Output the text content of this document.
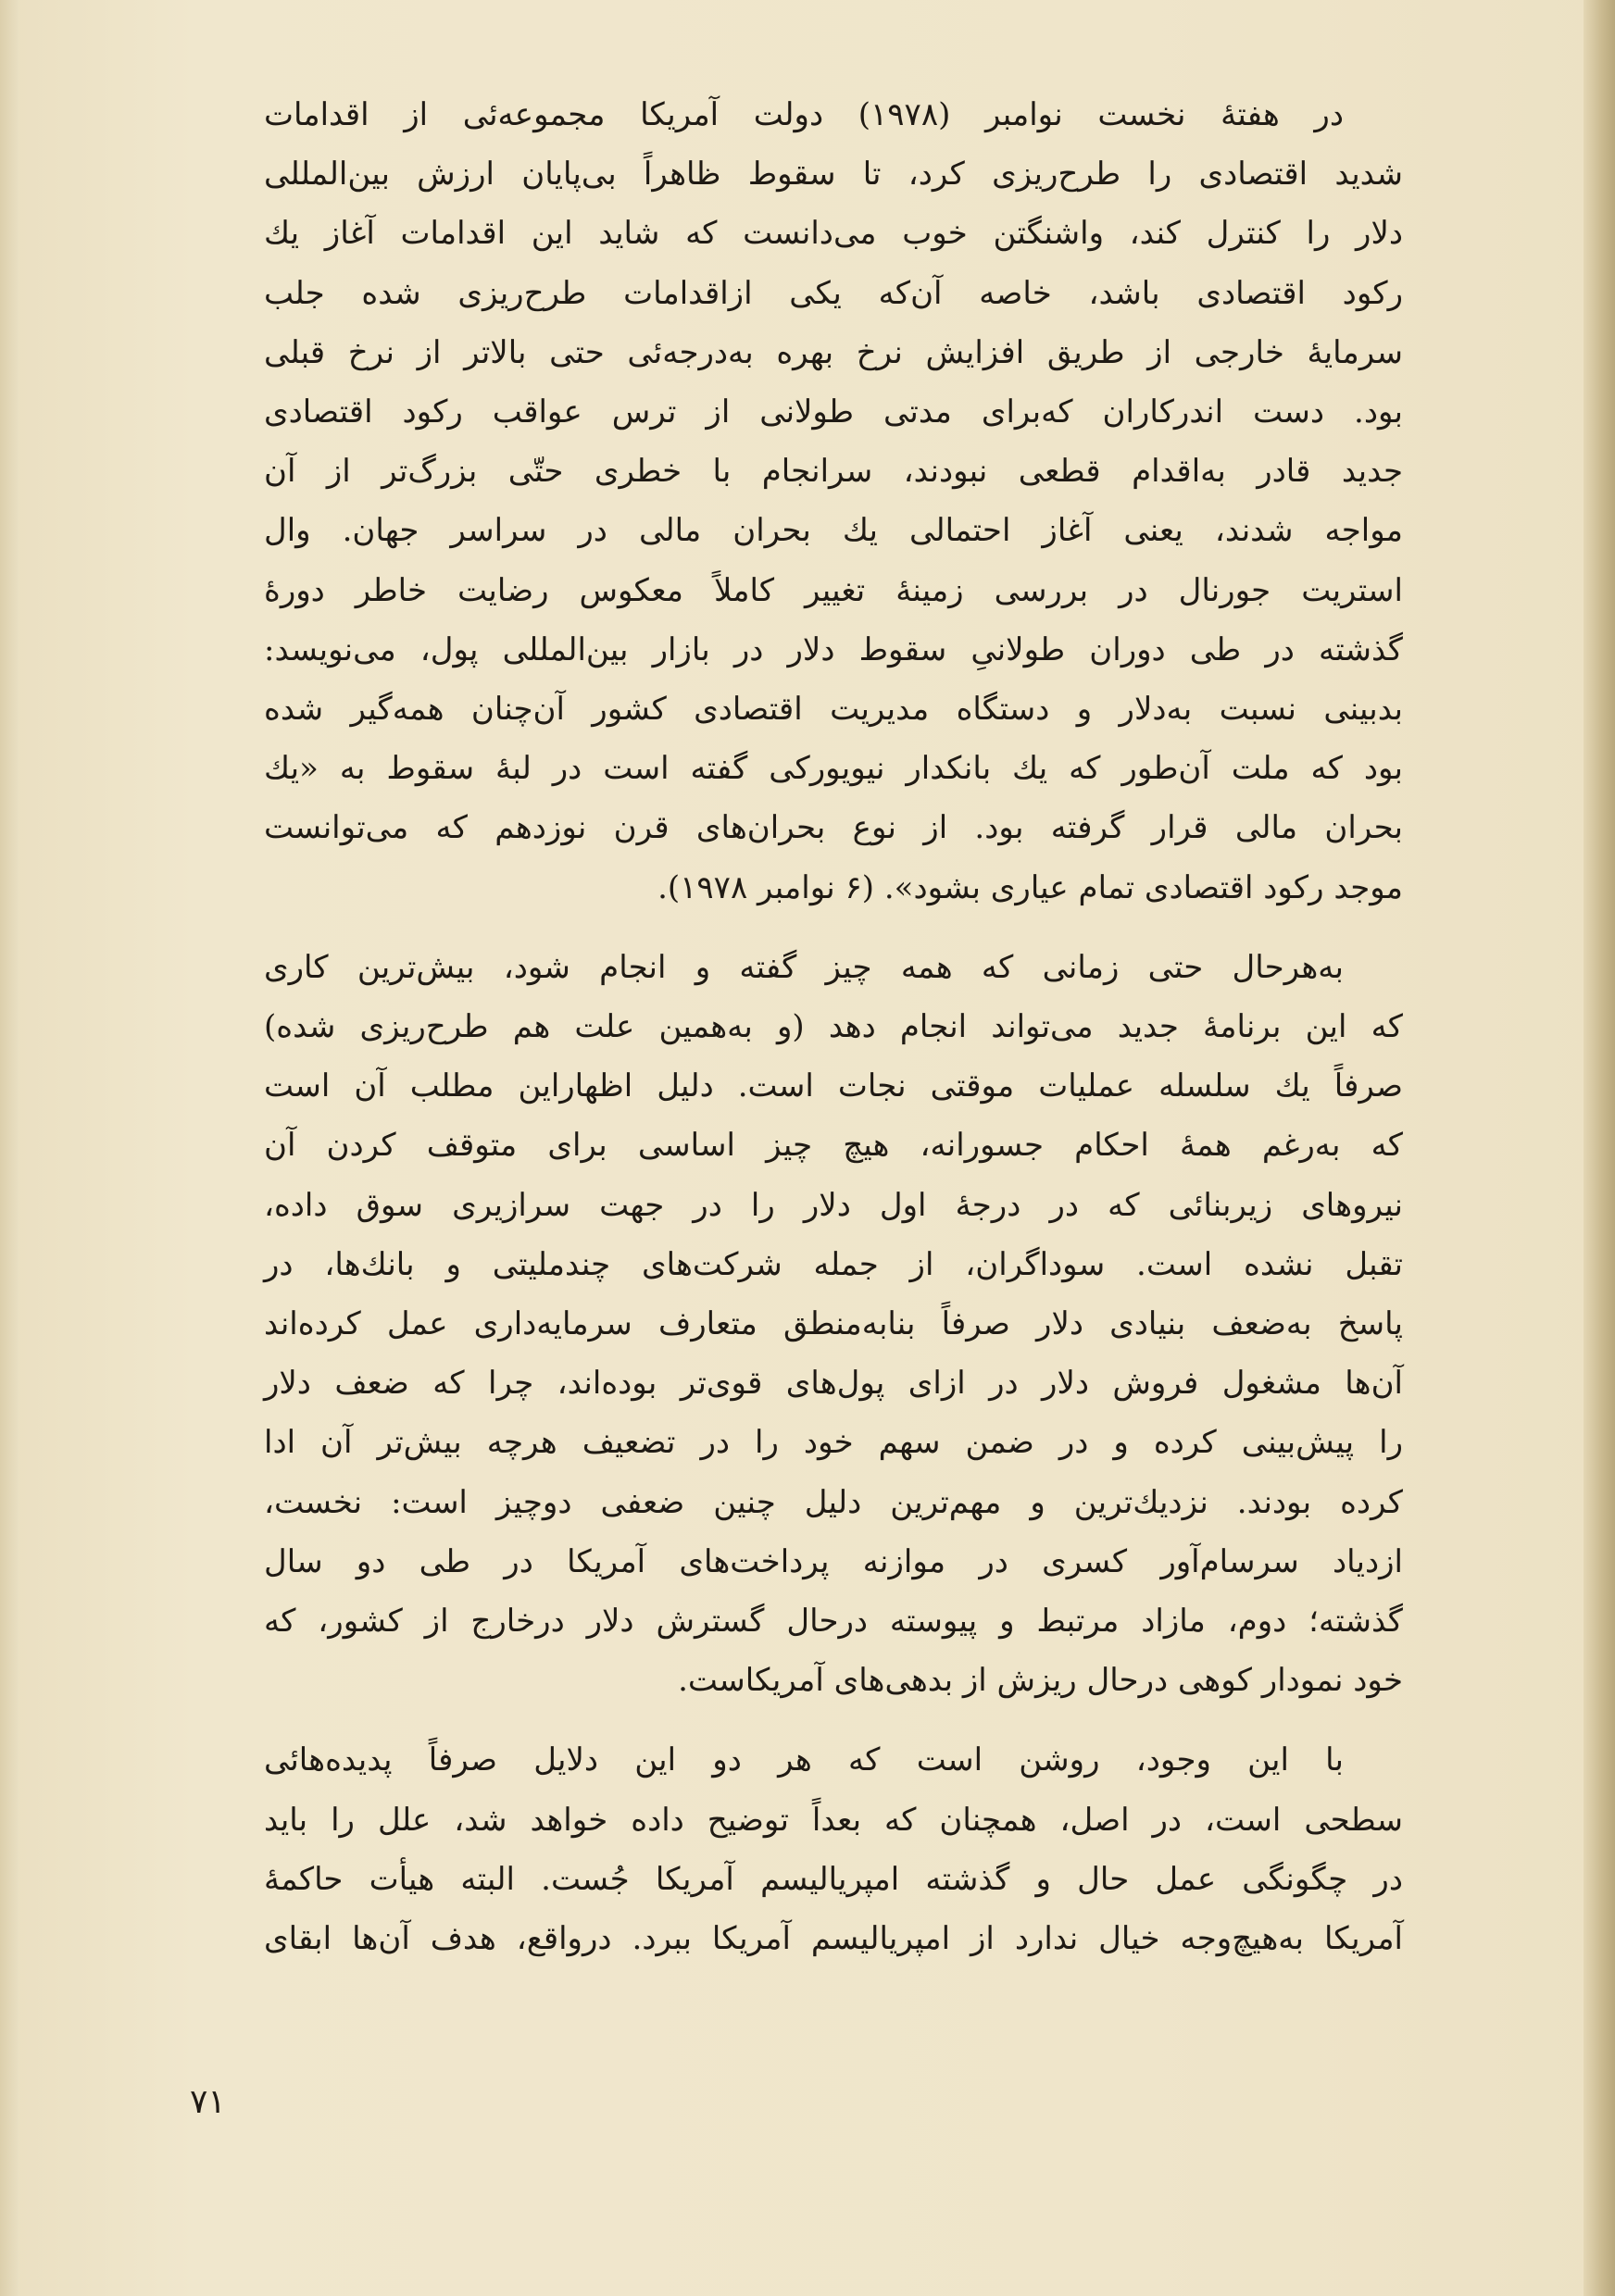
در هفتهٔ نخست نوامبر (۱۹۷۸) دولت آمریکا مجموعه‌ئی از اقدامات
شدید اقتصادی را طرح‌ریزی کرد، تا سقوط ظاهراً بی‌پایان ارزش بین‌المللی
دلار را کنترل کند، واشنگتن خوب می‌دانست که شاید این اقدامات آغاز یك
رکود اقتصادی باشد، خاصه آن‌که یکی ازاقدامات طرح‌ریزی شده جلب
سرمایهٔ خارجی از طریق افزایش نرخ بهره به‌درجه‌ئی حتی بالاتر از نرخ قبلی
بود. دست اندرکاران که‌برای مدتی طولانی از ترس عواقب رکود اقتصادی
جدید قادر به‌اقدام قطعی نبودند، سرانجام با خطری حتّی بزرگ‌تر از آن
مواجه شدند، یعنی آغاز احتمالی یك بحران مالی در سراسر جهان. وال
استریت جورنال در بررسی زمینهٔ تغییر کاملاً معکوس رضایت خاطر دورهٔ
گذشته در طی دوران طولانیِ سقوط دلار در بازار بین‌المللی پول، می‌نویسد:
بدبینی نسبت به‌دلار و دستگاه مدیریت اقتصادی کشور آن‌چنان همه‌گیر شده
بود که ملت آن‌طور که یك بانکدار نیویورکی گفته است در لبهٔ سقوط به «یك
بحران مالی قرار گرفته بود. از نوع بحران‌های قرن نوزدهم که می‌توانست
موجد رکود اقتصادی تمام عیاری بشود». (۶ نوامبر ۱۹۷۸).

به‌هرحال حتی زمانی که همه چیز گفته و انجام شود، بیش‌ترین کاری
که این برنامهٔ جدید می‌تواند انجام دهد (و به‌همین علت هم طرح‌ریزی شده)
صرفاً یك سلسله عملیات موقتی نجات است. دلیل اظهاراین مطلب آن است
که به‌رغم همهٔ احکام جسورانه، هیچ چیز اساسی برای متوقف کردن آن
نیروهای زیربنائی که در درجهٔ اول دلار را در جهت سرازیری سوق داده،
تقبل نشده است. سوداگران، از جمله شرکت‌های چندملیتی و بانك‌ها، در
پاسخ به‌ضعف بنیادی دلار صرفاً بنابه‌منطق متعارف سرمایه‌داری عمل کرده‌اند
آن‌ها مشغول فروش دلار در ازای پول‌های قوی‌تر بوده‌اند، چرا که ضعف دلار
را پیش‌بینی کرده و در ضمن سهم خود را در تضعیف هرچه بیش‌تر آن ادا
کرده بودند. نزدیك‌ترین و مهم‌ترین دلیل چنین ضعفی دوچیز است: نخست،
ازدیاد سرسام‌آور کسری در موازنه پرداخت‌های آمریکا در طی دو سال
گذشته؛ دوم، مازاد مرتبط و پیوسته درحال گسترش دلار درخارج از کشور، که
خود نمودار کوهی درحال ریزش از بدهی‌های آمریکاست.

با این وجود، روشن است که هر دو این دلایل صرفاً پدیده‌هائی
سطحی است، در اصل، همچنان که بعداً توضیح داده خواهد شد، علل را باید
در چگونگی عمل حال و گذشته امپریالیسم آمریکا جُست. البته هیأت حاکمهٔ
آمریکا به‌هیچ‌وجه خیال ندارد از امپریالیسم آمریکا ببرد. درواقع، هدف آن‌ها ابقای

۷۱
